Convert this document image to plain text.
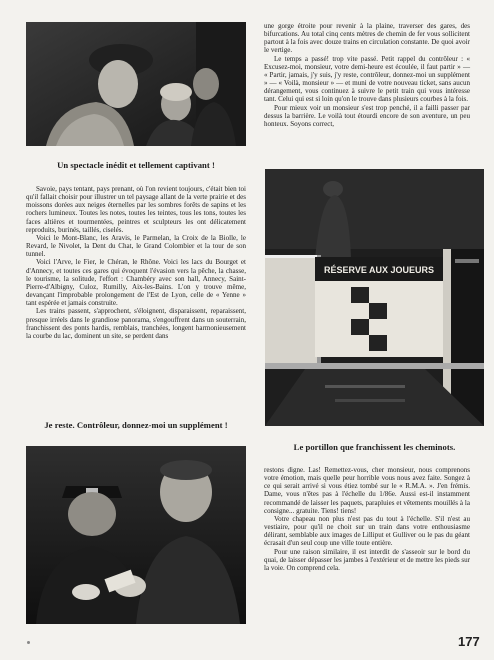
Un spectacle inédit et tellement captivant !

Savoie, pays tentant, pays prenant, où l'on revient toujours, c'était bien toi qu'il fallait choisir pour illustrer un tel paysage allant de la verte prairie et des moissons dorées aux neiges éternelles par les sombres forêts de sapins et les rochers lumineux. Toutes les notes, toutes les teintes, tous les tons, toutes les faces altières et tourmentées, peintres et sculpteurs les ont délicatement reproduits, burinés, taillés, ciselés.

Voici le Mont-Blanc, les Aravis, le Parmelan, la Croix de la Biolle, le Revard, le Nivolet, la Dent du Chat, le Grand Colombier et la tour de son tunnel.

Voici l'Arve, le Fier, le Chéran, le Rhône. Voici les lacs du Bourget et d'Annecy, et toutes ces gares qui évoquent l'évasion vers la pêche, la chasse, le tourisme, la solitude, l'effort : Chambéry avec son hall, Annecy, Saint-Pierre-d'Albigny, Culoz, Rumilly, Aix-les-Bains. L'on y trouve même, devançant l'improbable prolongement de l'Est de Lyon, celle de « Yenne » tant espérée et jamais construite.

Les trains passent, s'approchent, s'éloignent, disparaissent, reparaissent, presque irréels dans le grandiose panorama, s'engouffrent dans un souterrain, franchissent des ponts hardis, remblais, tranchées, longent harmonieusement la courbe du lac, dominent un site, se perdent dans

Je reste. Contrôleur, donnez-moi un supplément !

une gorge étroite pour revenir à la plaine, traverser des gares, des bifurcations. Au total cinq cents mètres de chemin de fer vous sollicitent partout à la fois avec douze trains en circulation constante. De quoi avoir le vertige.

Le temps a passé! trop vite passé. Petit rappel du contrôleur : « Excusez-moi, monsieur, votre demi-heure est écoulée, il faut partir » — « Partir, jamais, j'y suis, j'y reste, contrôleur, donnez-moi un supplément » — « Voilà, monsieur » — et muni de votre nouveau ticket, sans aucun dérangement, vous continuez à suivre le petit train qui vous intéresse tant. Celui qui est si loin qu'on le trouve dans plusieurs courbes à la fois.

Pour mieux voir un monsieur s'est trop penché, il a failli passer par dessus la barrière. Le voilà tout étourdi encore de son aventure, un peu honteux. Soyons correct,

RÉSERVE AUX JOUEURS
Le portillon que franchissent les cheminots.

restons digne. Las! Remettez-vous, cher monsieur, nous comprenons votre émotion, mais quelle peur horrible vous nous avez faite. Songez à ce qui serait arrivé si vous étiez tombé sur le « R.M.A. ». J'en frémis. Dame, vous n'êtes pas à l'échelle du 1/86e. Aussi est-il instamment recommandé de laisser les paquets, parapluies et vêtements mouillés à la consigne... gratuite. Tiens! tiens!

Votre chapeau non plus n'est pas du tout à l'échelle. S'il n'est au vestiaire, pour qu'il ne choit sur un train dans votre enthousiasme délirant, semblable aux images de Lilliput et Gulliver ou le pas du géant écrasait d'un seul coup une ville toute entière.

Pour une raison similaire, il est interdit de s'asseoir sur le bord du quai, de laisser dépasser les jambes à l'extérieur et de mettre les pieds sur la voie. On comprend cela.

177
